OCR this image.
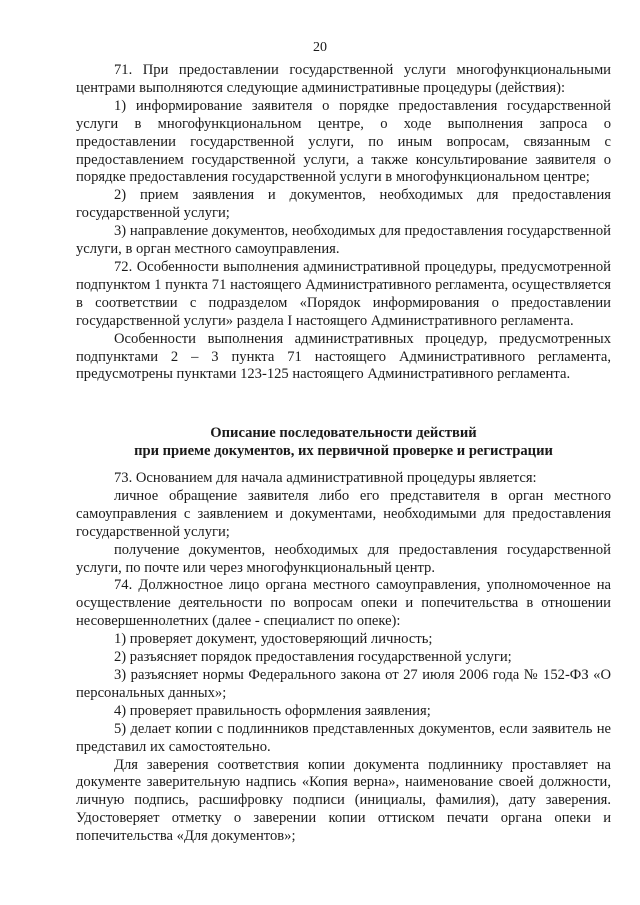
20

71. При предоставлении государственной услуги многофункциональными центрами выполняются следующие административные процедуры (действия):

1) информирование заявителя о порядке предоставления государственной услуги в многофункциональном центре, о ходе выполнения запроса о предоставлении государственной услуги, по иным вопросам, связанным с предоставлением государственной услуги, а также консультирование заявителя о порядке предоставления государственной услуги в многофункциональном центре;

2) прием заявления и документов, необходимых для предоставления государственной услуги;

3) направление документов, необходимых для предоставления государственной услуги, в орган местного самоуправления.

72. Особенности выполнения административной процедуры, предусмотренной подпунктом 1 пункта 71 настоящего Административного регламента, осуществляется в соответствии с подразделом «Порядок информирования о предоставлении государственной услуги» раздела I настоящего Административного регламента.

Особенности выполнения административных процедур, предусмотренных подпунктами 2 – 3 пункта 71 настоящего Административного регламента, предусмотрены пунктами 123-125 настоящего Административного регламента.

Описание последовательности действий
при приеме документов, их первичной проверке и регистрации

73. Основанием для начала административной процедуры является:

личное обращение заявителя либо его представителя в орган местного самоуправления с заявлением и документами, необходимыми для предоставления государственной услуги;

получение документов, необходимых для предоставления государственной услуги, по почте или через многофункциональный центр.

74. Должностное лицо органа местного самоуправления, уполномоченное на осуществление деятельности по вопросам опеки и попечительства в отношении несовершеннолетних (далее - специалист по опеке):

1) проверяет документ, удостоверяющий личность;

2) разъясняет порядок предоставления государственной услуги;

3) разъясняет нормы Федерального закона от 27 июля 2006 года № 152-ФЗ «О персональных данных»;

4) проверяет правильность оформления заявления;

5) делает копии с подлинников представленных документов, если заявитель не представил их самостоятельно.

Для заверения соответствия копии документа подлиннику проставляет на документе заверительную надпись «Копия верна», наименование своей должности, личную подпись, расшифровку подписи (инициалы, фамилия), дату заверения. Удостоверяет отметку о заверении копии оттиском печати органа опеки и попечительства «Для документов»;
